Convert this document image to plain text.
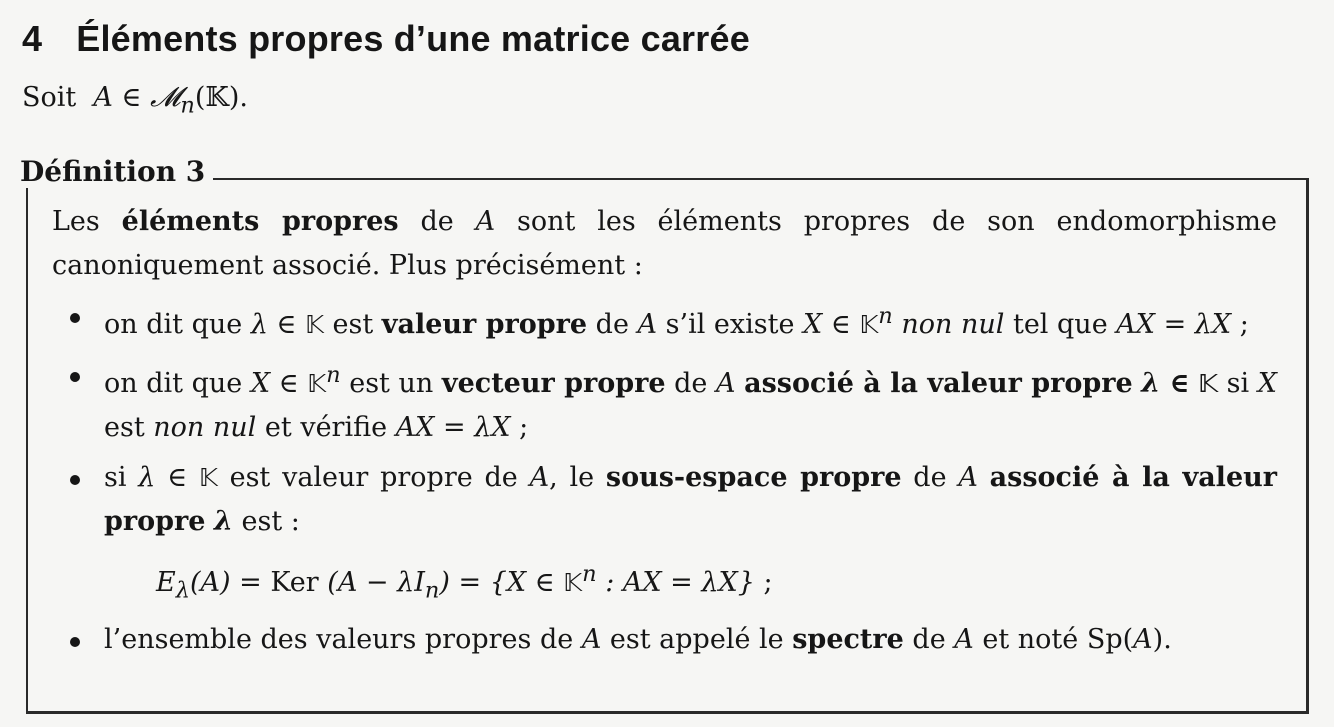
4 Éléments propres d’une matrice carrée
Soit A ∈ 𝓜$_n$(𝕂).
Définition 3
Les éléments propres de A sont les éléments propres de son endomorphisme canoniquement associé. Plus précisément :
on dit que λ ∈ 𝕂 est valeur propre de A s’il existe X ∈ 𝕂$^n$ non nul tel que AX = λX ;
on dit que X ∈ 𝕂$^n$ est un vecteur propre de A associé à la valeur propre λ ∈ 𝕂 si X est non nul et vérifie AX = λX ;
si λ ∈ 𝕂 est valeur propre de A, le sous-espace propre de A associé à la valeur propre λ est :
$E_\lambda(A)$ = Ker $(A - \lambda I_n) = \{X$ ∈ 𝕂$^n$ : AX = λX} ;
l’ensemble des valeurs propres de A est appelé le spectre de A et noté Sp(A).
